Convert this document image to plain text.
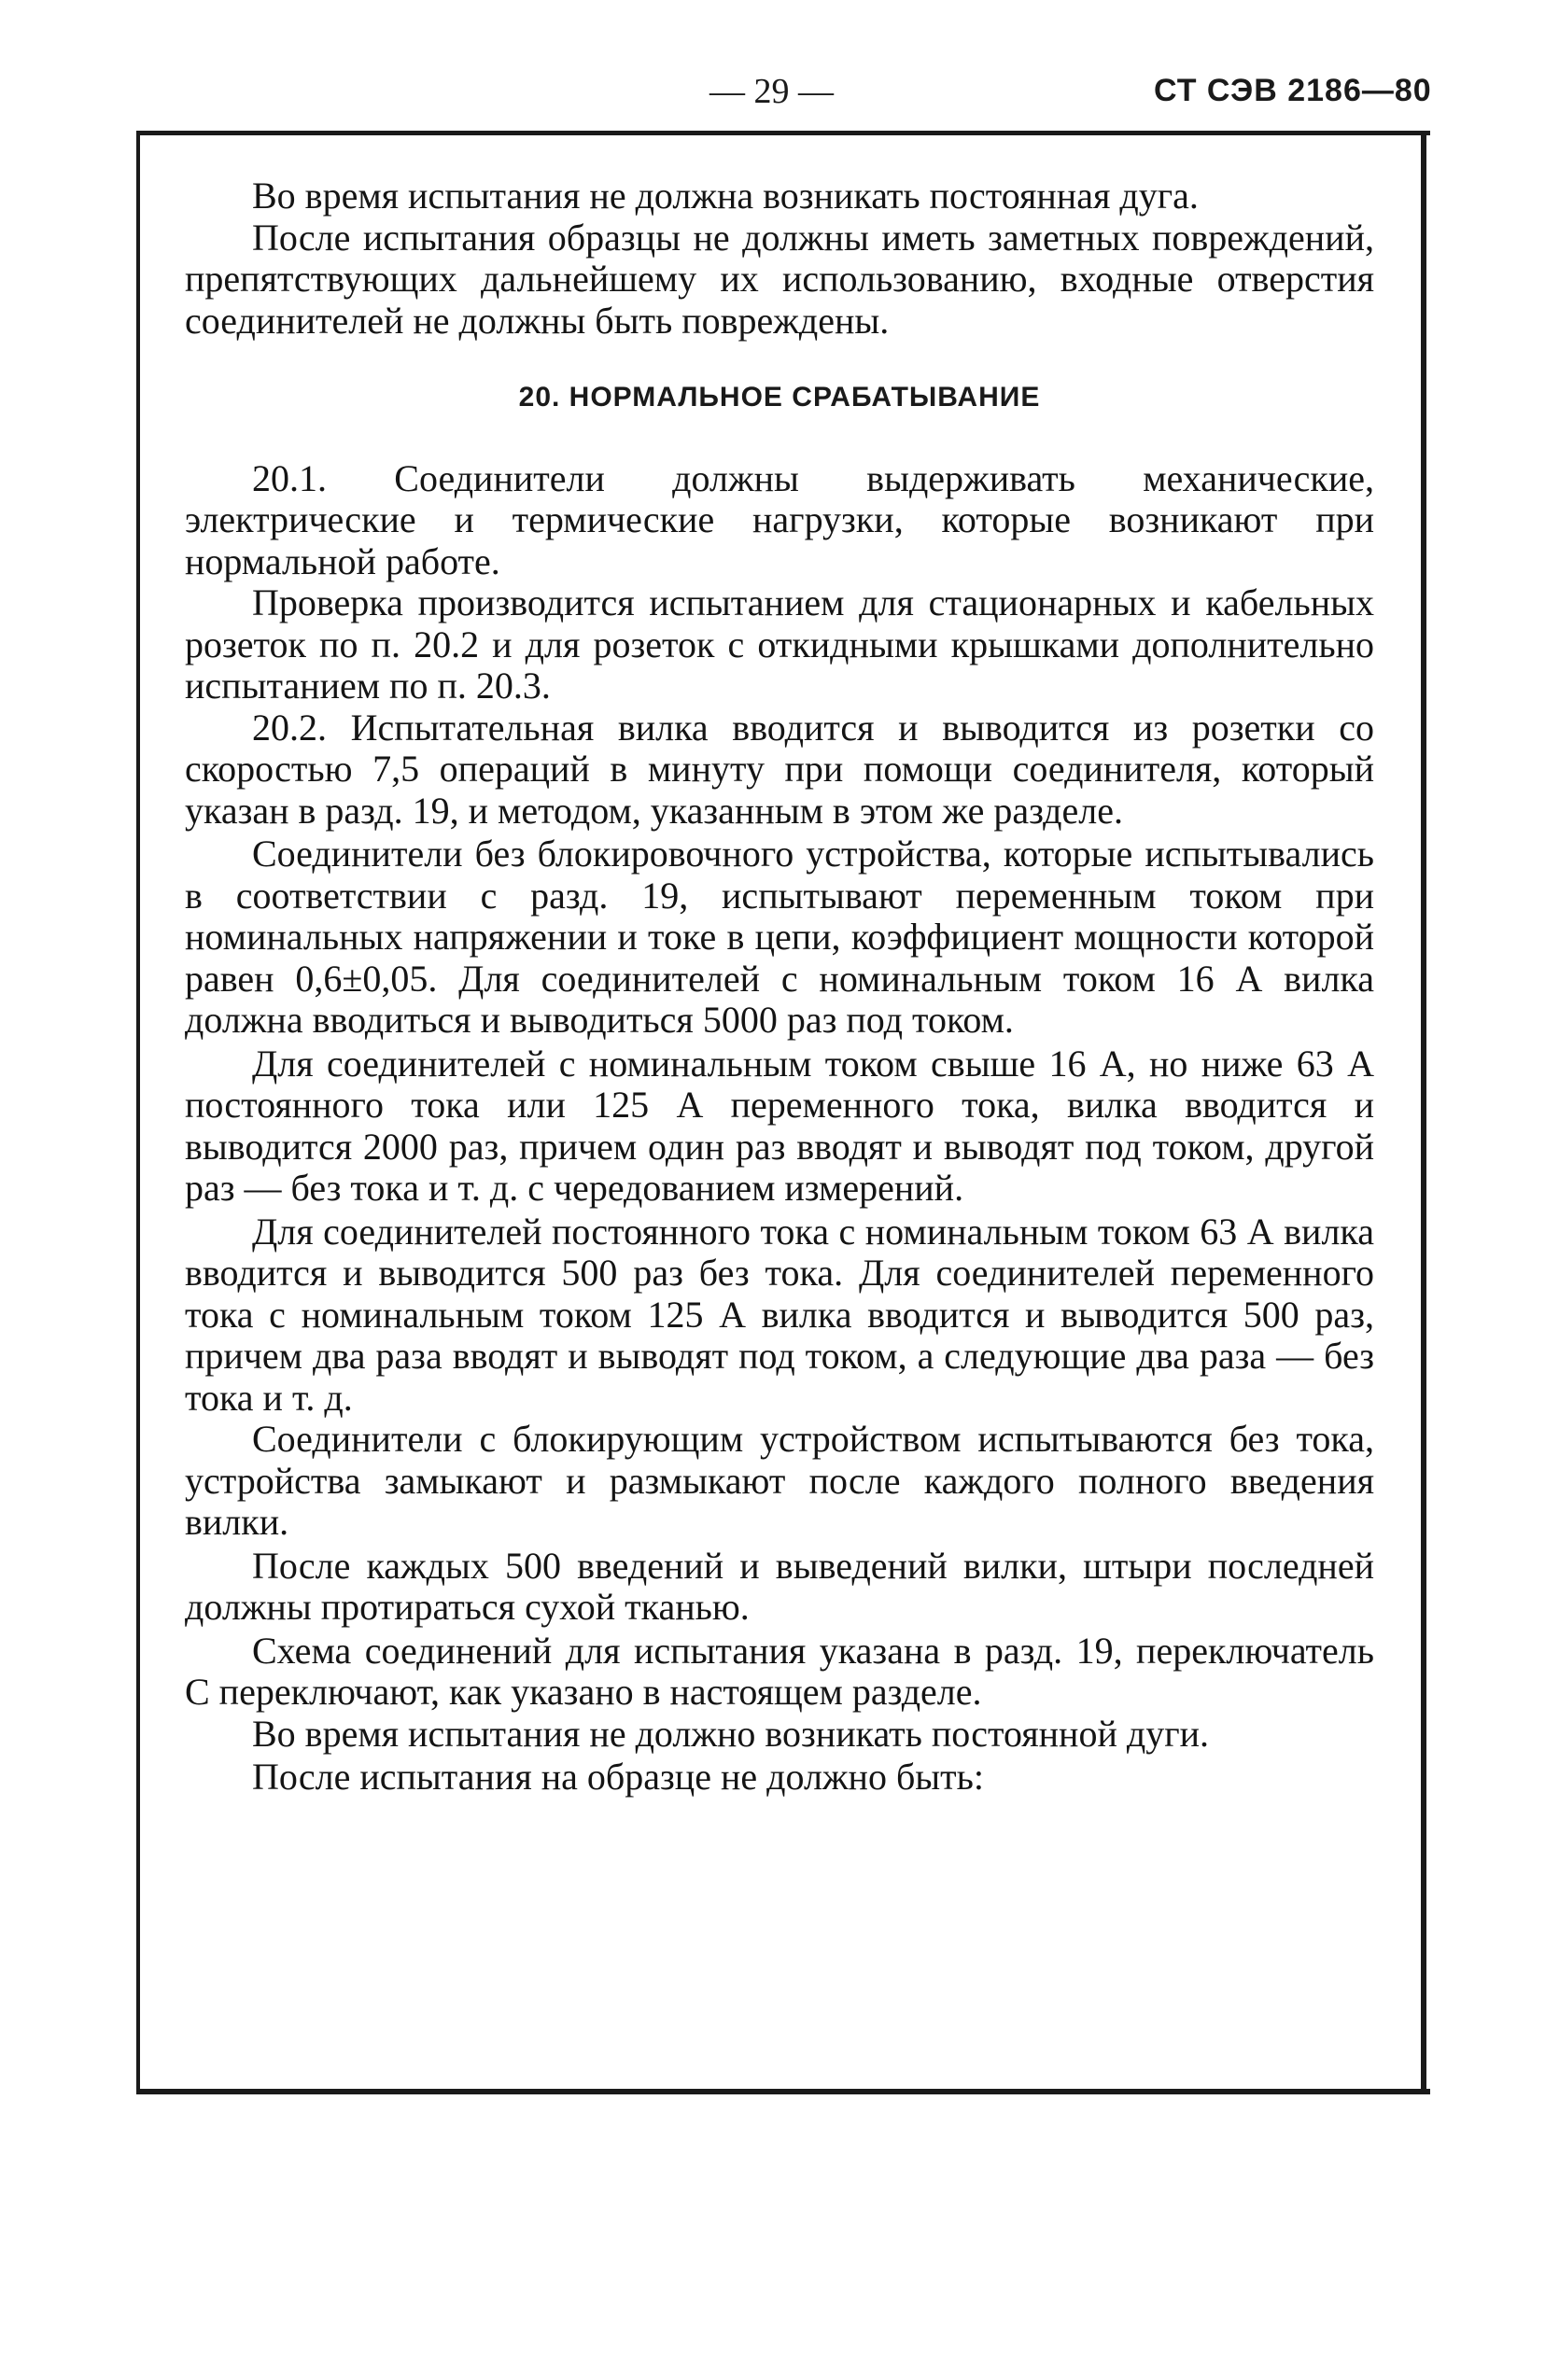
— 29 —	СТ СЭВ 2186—80

Во время испытания не должна возникать постоянная дуга.

После испытания образцы не должны иметь заметных повреждений, препятствующих дальнейшему их использованию, входные отверстия соединителей не должны быть повреждены.

20. НОРМАЛЬНОЕ СРАБАТЫВАНИЕ

20.1. Соединители должны выдерживать механические, электрические и термические нагрузки, которые возникают при нормальной работе.

Проверка производится испытанием для стационарных и кабельных розеток по п. 20.2 и для розеток с откидными крышками дополнительно испытанием по п. 20.3.

20.2. Испытательная вилка вводится и выводится из розетки со скоростью 7,5 операций в минуту при помощи соединителя, который указан в разд. 19, и методом, указанным в этом же разделе.

Соединители без блокировочного устройства, которые испытывались в соответствии с разд. 19, испытывают переменным током при номинальных напряжении и токе в цепи, коэффициент мощности которой равен 0,6±0,05. Для соединителей с номинальным током 16 А вилка должна вводиться и выводиться 5000 раз под током.

Для соединителей с номинальным током свыше 16 А, но ниже 63 А постоянного тока или 125 А переменного тока, вилка вводится и выводится 2000 раз, причем один раз вводят и выводят под током, другой раз — без тока и т. д. с чередованием измерений.

Для соединителей постоянного тока с номинальным током 63 А вилка вводится и выводится 500 раз без тока. Для соединителей переменного тока с номинальным током 125 А вилка вводится и выводится 500 раз, причем два раза вводят и выводят под током, а следующие два раза — без тока и т. д.

Соединители с блокирующим устройством испытываются без тока, устройства замыкают и размыкают после каждого полного введения вилки.

После каждых 500 введений и выведений вилки, штыри последней должны протираться сухой тканью.

Схема соединений для испытания указана в разд. 19, переключатель С переключают, как указано в настоящем разделе.

Во время испытания не должно возникать постоянной дуги.

После испытания на образце не должно быть:
